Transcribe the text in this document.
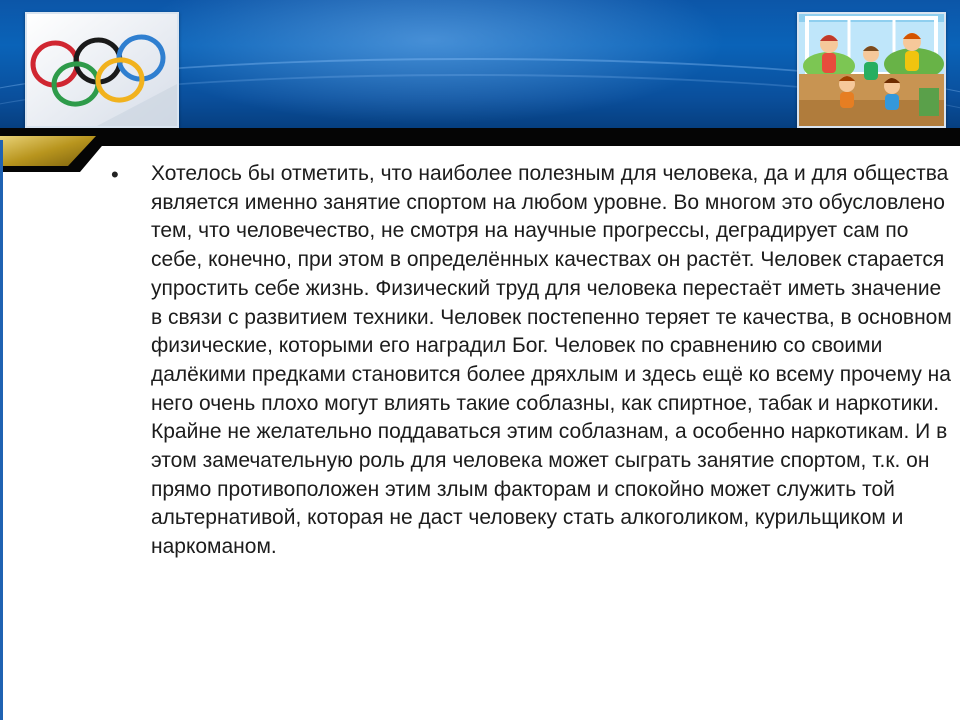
• Хотелось бы отметить, что наиболее полезным для человека, да и для общества является именно занятие спортом на любом уровне. Во многом это обусловлено тем, что человечество, не смотря на научные прогрессы, деградирует сам по себе, конечно, при этом в определённых качествах он растёт. Человек старается упростить себе жизнь. Физический труд для человека перестаёт иметь значение в связи с развитием техники. Человек постепенно теряет те качества, в основном физические, которыми его наградил Бог. Человек по сравнению со своими далёкими предками становится более дряхлым и здесь ещё ко всему прочему на него очень плохо могут влиять такие соблазны, как спиртное, табак и наркотики. Крайне не желательно поддаваться этим соблазнам, а особенно наркотикам. И в этом замечательную роль для человека может сыграть занятие спортом, т.к. он прямо противоположен этим злым факторам и спокойно может служить той альтернативой, которая не даст человеку стать алкоголиком, курильщиком и наркоманом.
